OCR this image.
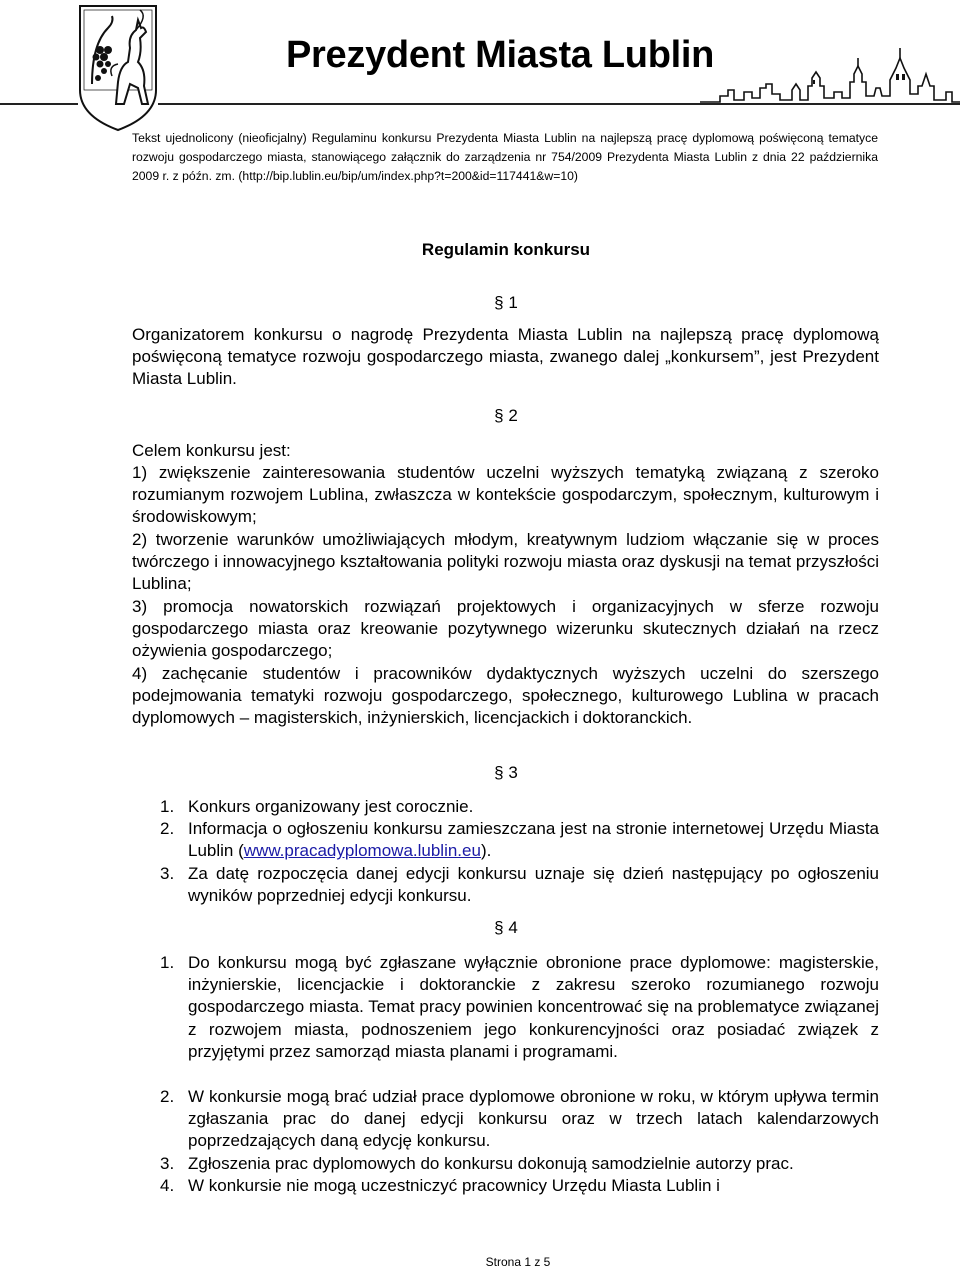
Prezydent Miasta Lublin

Tekst ujednolicony (nieoficjalny) Regulaminu konkursu Prezydenta Miasta Lublin na najlepszą pracę dyplomową poświęconą tematyce rozwoju gospodarczego miasta, stanowiącego załącznik do zarządzenia nr 754/2009 Prezydenta Miasta Lublin z dnia 22 października 2009 r. z późn. zm. (http://bip.lublin.eu/bip/um/index.php?t=200&id=117441&w=10)

Regulamin konkursu

§ 1

Organizatorem konkursu o nagrodę Prezydenta Miasta Lublin na najlepszą pracę dyplomową poświęconą tematyce rozwoju gospodarczego miasta, zwanego dalej „konkursem”, jest Prezydent Miasta Lublin.

§ 2

Celem konkursu jest:

1) zwiększenie zainteresowania studentów uczelni wyższych tematyką związaną z szeroko rozumianym rozwojem Lublina, zwłaszcza w kontekście gospodarczym, społecznym, kulturowym i środowiskowym;

2) tworzenie warunków umożliwiających młodym, kreatywnym ludziom włączanie się w proces twórczego i innowacyjnego kształtowania polityki rozwoju miasta oraz dyskusji na temat przyszłości Lublina;

3) promocja nowatorskich rozwiązań projektowych i organizacyjnych w sferze rozwoju gospodarczego miasta oraz kreowanie pozytywnego wizerunku skutecznych działań na rzecz ożywienia gospodarczego;

4) zachęcanie studentów i pracowników dydaktycznych wyższych uczelni do szerszego podejmowania tematyki rozwoju gospodarczego, społecznego, kulturowego Lublina w pracach dyplomowych – magisterskich, inżynierskich, licencjackich i doktoranckich.

§ 3

1. Konkurs organizowany jest corocznie.

2. Informacja o ogłoszeniu konkursu zamieszczana jest na stronie internetowej Urzędu Miasta Lublin (www.pracadyplomowa.lublin.eu).

3. Za datę rozpoczęcia danej edycji konkursu uznaje się dzień następujący po ogłoszeniu wyników poprzedniej edycji konkursu.

§ 4

1. Do konkursu mogą być zgłaszane wyłącznie obronione prace dyplomowe: magisterskie, inżynierskie, licencjackie i doktoranckie z zakresu szeroko rozumianego rozwoju gospodarczego miasta. Temat pracy powinien koncentrować się na problematyce związanej z rozwojem miasta, podnoszeniem jego konkurencyjności oraz posiadać związek z przyjętymi przez samorząd miasta planami i programami.

2. W konkursie mogą brać udział prace dyplomowe obronione w roku, w którym upływa termin zgłaszania prac do danej edycji konkursu oraz w trzech latach kalendarzowych poprzedzających daną edycję konkursu.

3. Zgłoszenia prac dyplomowych do konkursu dokonują samodzielnie autorzy prac.

4. W konkursie nie mogą uczestniczyć pracownicy Urzędu Miasta Lublin i

Strona 1 z 5
